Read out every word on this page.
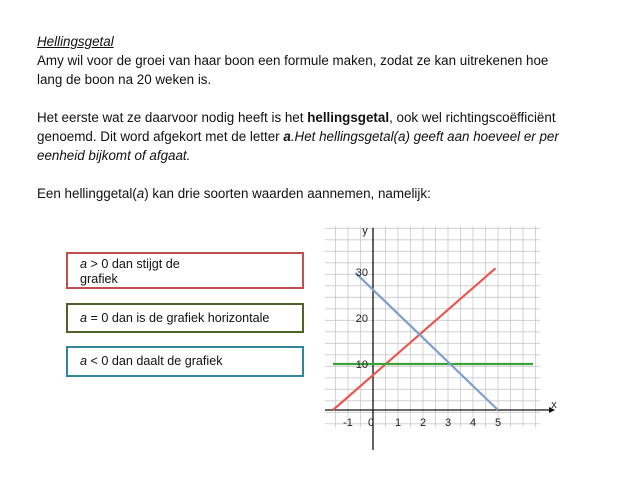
Hellingsgetal
Amy wil voor de groei van haar boon een formule maken, zodat ze kan uitrekenen hoe
lang de boon na 20 weken is.
Het eerste wat ze daarvoor nodig heeft is het hellingsgetal, ook wel richtingscoëfficiënt
genoemd. Dit word afgekort met de letter a.Het hellingsgetal(a) geeft aan hoeveel er per
eenheid bijkomt of afgaat.
Een hellinggetal(a) kan drie soorten waarden aannemen, namelijk:
a > 0 dan stijgt de
grafiek
a = 0 dan is de grafiek horizontale
a < 0 dan daalt de grafiek
-1 0 1 2 3 4 5
10
20
30
y
x
